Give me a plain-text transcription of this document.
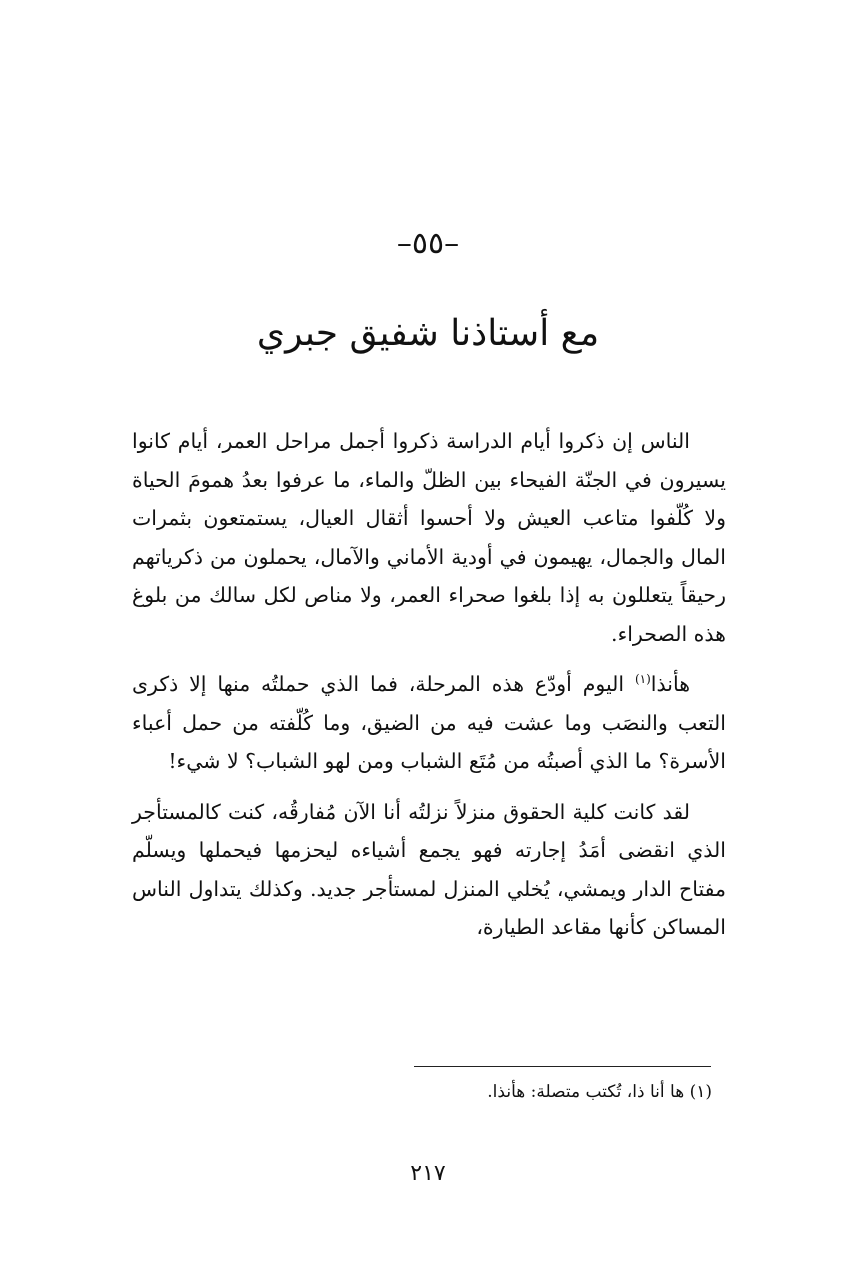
–٥٥–
مع أستاذنا شفيق جبري

الناس إن ذكروا أيام الدراسة ذكروا أجمل مراحل العمر، أيام كانوا يسيرون في الجنّة الفيحاء بين الظلّ والماء، ما عرفوا بعدُ همومَ الحياة ولا كُلّفوا متاعب العيش ولا أحسوا أثقال العيال، يستمتعون بثمرات المال والجمال، يهيمون في أودية الأماني والآمال، يحملون من ذكرياتهم رحيقاً يتعللون به إذا بلغوا صحراء العمر، ولا مناص لكل سالك من بلوغ هذه الصحراء.

هأنذا$^{(١)}$ اليوم أودّع هذه المرحلة، فما الذي حملتُه منها إلا ذكرى التعب والنصَب وما عشت فيه من الضيق، وما كُلّفته من حمل أعباء الأسرة؟ ما الذي أصبتُه من مُتَع الشباب ومن لهو الشباب؟ لا شيء!

لقد كانت كلية الحقوق منزلاً نزلتُه أنا الآن مُفارقُه، كنت كالمستأجر الذي انقضى أمَدُ إجارته فهو يجمع أشياءه ليحزمها فيحملها ويسلّم مفتاح الدار ويمشي، يُخلي المنزل لمستأجر جديد. وكذلك يتداول الناس المساكن كأنها مقاعد الطيارة،

(١) ها أنا ذا، تُكتب متصلة: هأنذا.
٢١٧
